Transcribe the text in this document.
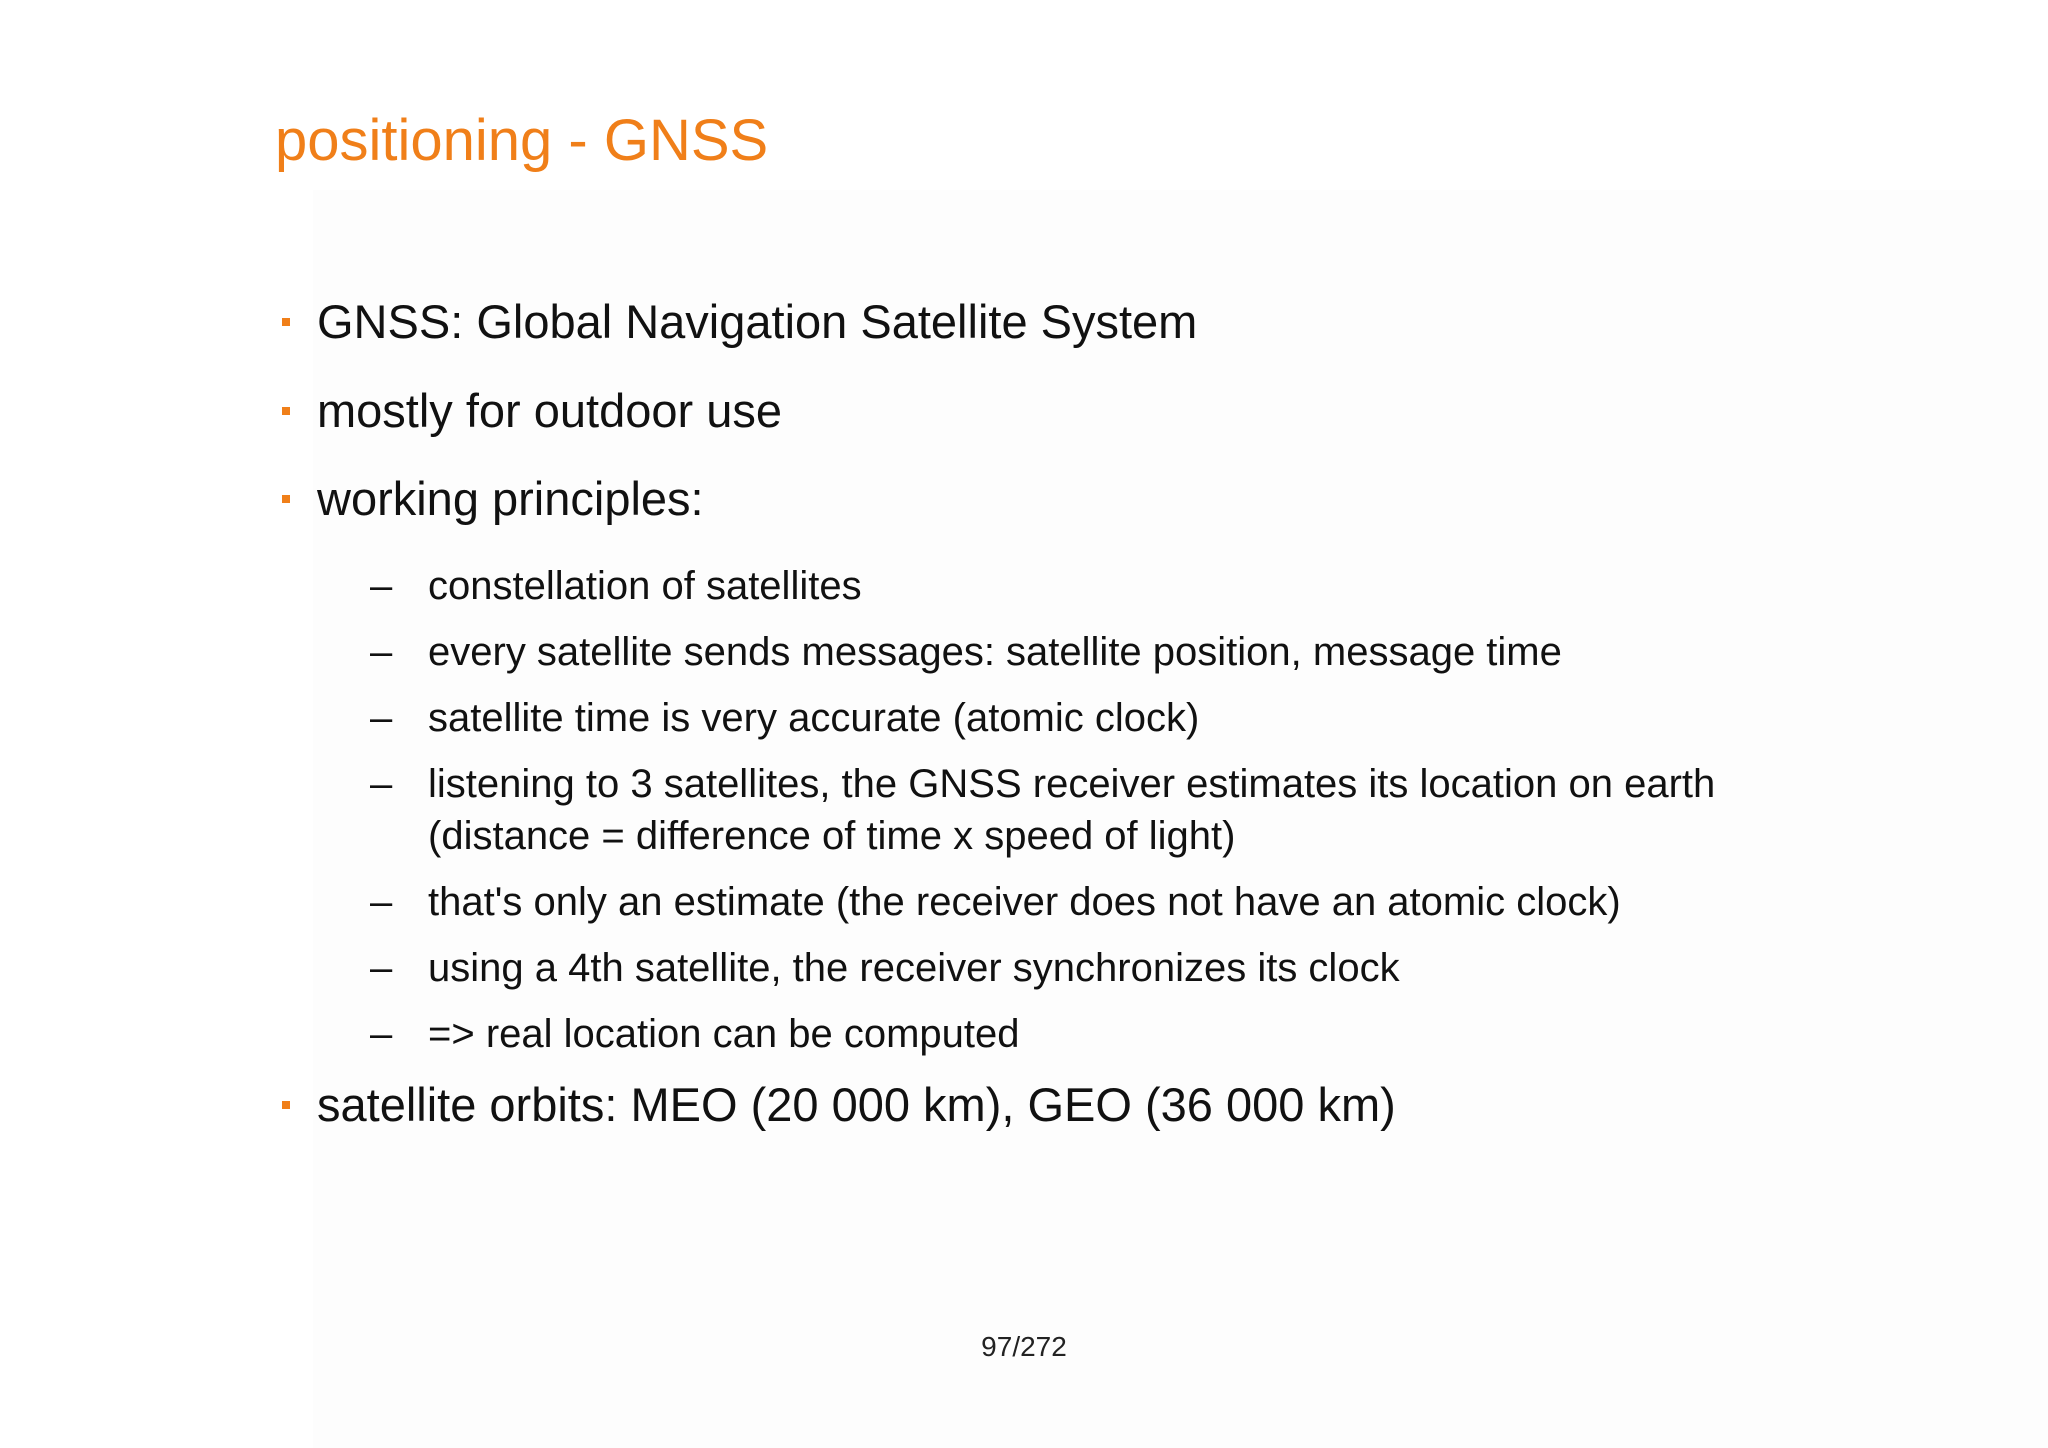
positioning - GNSS
GNSS: Global Navigation Satellite System
mostly for outdoor use
working principles:
– constellation of satellites
– every satellite sends messages: satellite position, message time
– satellite time is very accurate (atomic clock)
– listening to 3 satellites, the GNSS receiver estimates its location on earth
(distance = difference of time x speed of light)
– that's only an estimate (the receiver does not have an atomic clock)
– using a 4th satellite, the receiver synchronizes its clock
– => real location can be computed
satellite orbits: MEO (20 000 km), GEO (36 000 km)
97/272
